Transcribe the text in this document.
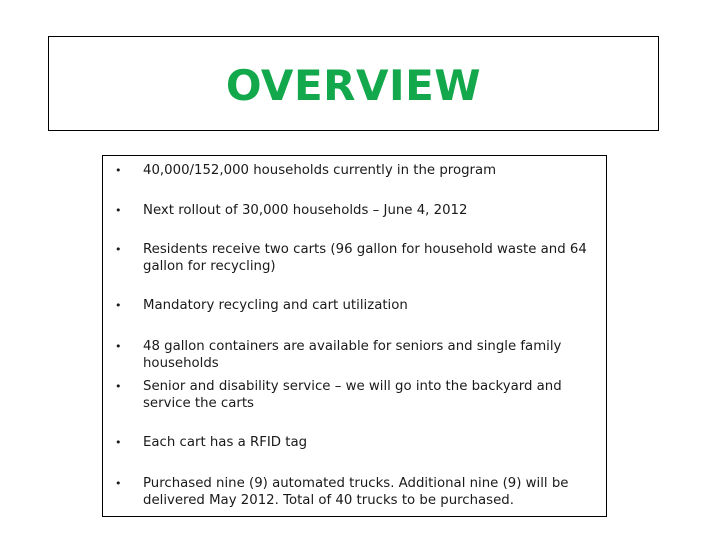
OVERVIEW
•	40,000/152,000 households currently in the program
•	Next rollout of 30,000 households – June 4, 2012
•	Residents receive two carts (96 gallon for household waste and 64 gallon for recycling)
•	Mandatory recycling and cart utilization
•	48 gallon containers are available for seniors and single family households
•	Senior and disability service – we will go into the backyard and service the carts
•	Each cart has a RFID tag
•	Purchased nine (9) automated trucks. Additional nine (9) will be delivered May 2012. Total of 40 trucks to be purchased.
